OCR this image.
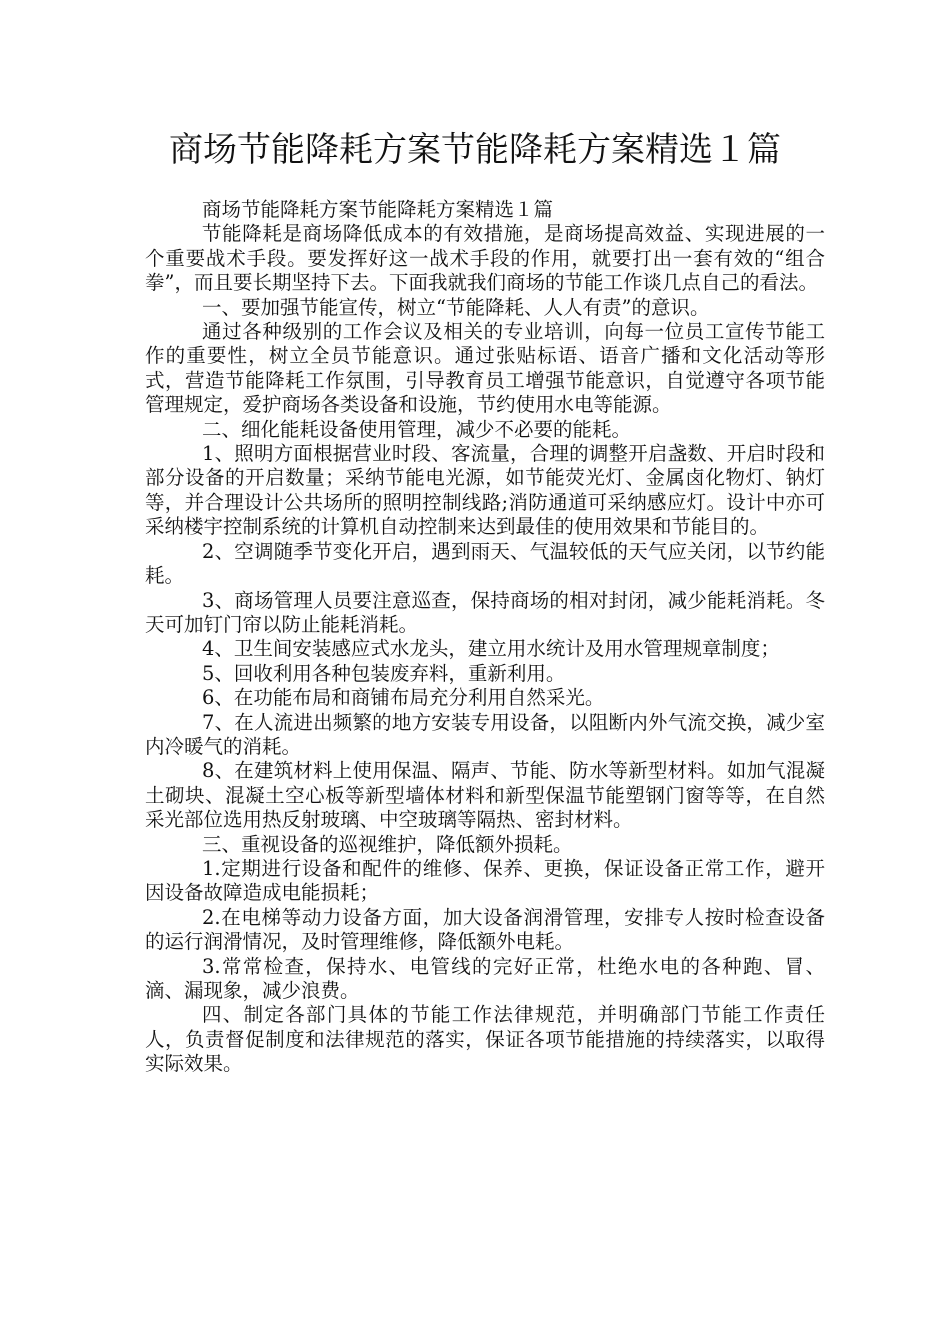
商场节能降耗方案节能降耗方案精选１篇

商场节能降耗方案节能降耗方案精选１篇

节能降耗是商场降低成本的有效措施，是商场提高效益、实现进展的一个重要战术手段。要发挥好这一战术手段的作用，就要打出一套有效的“组合拳”，而且要长期坚持下去。下面我就我们商场的节能工作谈几点自己的看法。

一、要加强节能宣传，树立“节能降耗、人人有责”的意识。

通过各种级别的工作会议及相关的专业培训，向每一位员工宣传节能工作的重要性，树立全员节能意识。通过张贴标语、语音广播和文化活动等形式，营造节能降耗工作氛围，引导教育员工增强节能意识，自觉遵守各项节能管理规定，爱护商场各类设备和设施，节约使用水电等能源。

二、细化能耗设备使用管理，减少不必要的能耗。

1、照明方面根据营业时段、客流量，合理的调整开启盏数、开启时段和部分设备的开启数量；采纳节能电光源，如节能荧光灯、金属卤化物灯、钠灯等，并合理设计公共场所的照明控制线路;消防通道可采纳感应灯。设计中亦可采纳楼宇控制系统的计算机自动控制来达到最佳的使用效果和节能目的。

2、空调随季节变化开启，遇到雨天、气温较低的天气应关闭，以节约能耗。

3、商场管理人员要注意巡查，保持商场的相对封闭，减少能耗消耗。冬天可加钉门帘以防止能耗消耗。

4、卫生间安装感应式水龙头，建立用水统计及用水管理规章制度；

5、回收利用各种包装废弃料，重新利用。

6、在功能布局和商铺布局充分利用自然采光。

7、在人流进出频繁的地方安装专用设备，以阻断内外气流交换，减少室内冷暖气的消耗。

8、在建筑材料上使用保温、隔声、节能、防水等新型材料。如加气混凝土砌块、混凝土空心板等新型墙体材料和新型保温节能塑钢门窗等等，在自然采光部位选用热反射玻璃、中空玻璃等隔热、密封材料。

三、重视设备的巡视维护，降低额外损耗。

1.定期进行设备和配件的维修、保养、更换，保证设备正常工作，避开因设备故障造成电能损耗；

2.在电梯等动力设备方面，加大设备润滑管理，安排专人按时检查设备的运行润滑情况，及时管理维修，降低额外电耗。

3.常常检查，保持水、电管线的完好正常，杜绝水电的各种跑、冒、滴、漏现象，减少浪费。

四、制定各部门具体的节能工作法律规范，并明确部门节能工作责任人，负责督促制度和法律规范的落实，保证各项节能措施的持续落实，以取得实际效果。
